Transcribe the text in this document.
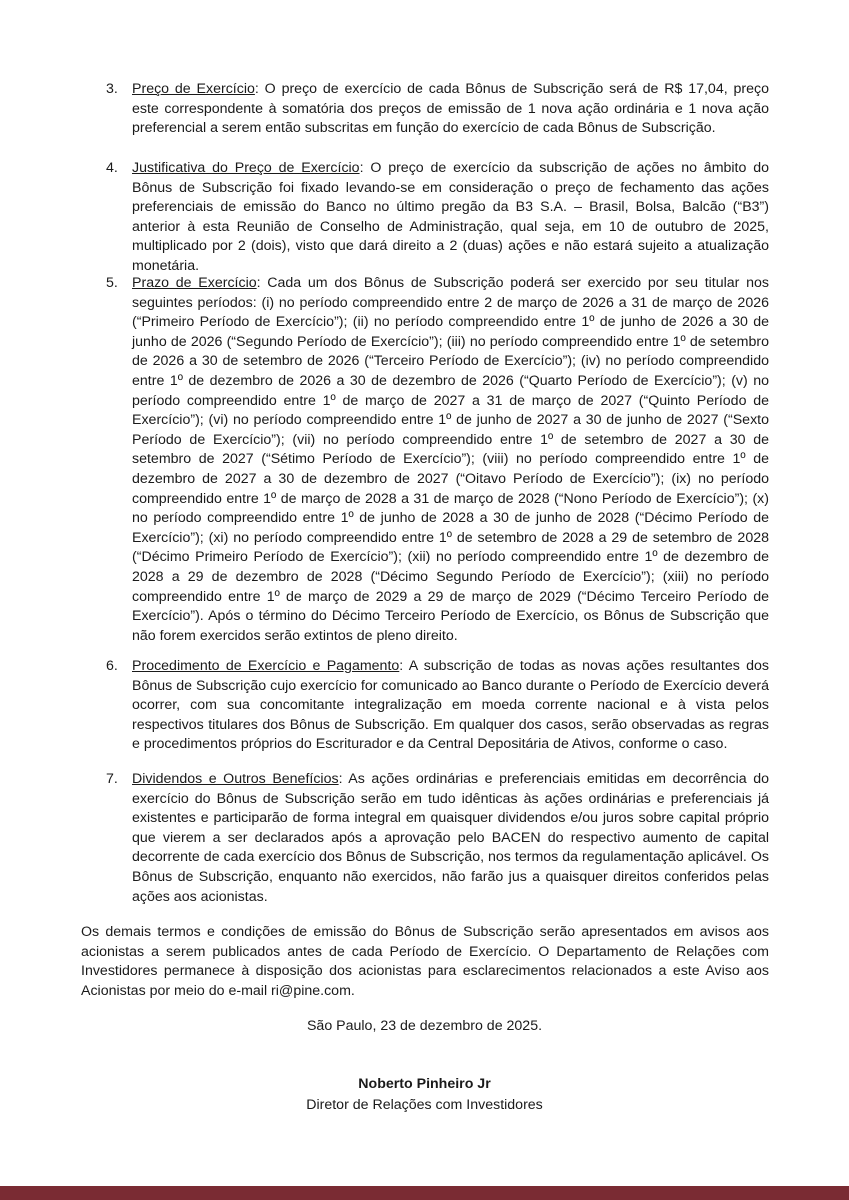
3. Preço de Exercício: O preço de exercício de cada Bônus de Subscrição será de R$ 17,04, preço este correspondente à somatória dos preços de emissão de 1 nova ação ordinária e 1 nova ação preferencial a serem então subscritas em função do exercício de cada Bônus de Subscrição.
4. Justificativa do Preço de Exercício: O preço de exercício da subscrição de ações no âmbito do Bônus de Subscrição foi fixado levando-se em consideração o preço de fechamento das ações preferenciais de emissão do Banco no último pregão da B3 S.A. – Brasil, Bolsa, Balcão (“B3”) anterior à esta Reunião de Conselho de Administração, qual seja, em 10 de outubro de 2025, multiplicado por 2 (dois), visto que dará direito a 2 (duas) ações e não estará sujeito a atualização monetária.
5. Prazo de Exercício: Cada um dos Bônus de Subscrição poderá ser exercido por seu titular nos seguintes períodos: (i) no período compreendido entre 2 de março de 2026 a 31 de março de 2026 (“Primeiro Período de Exercício”); (ii) no período compreendido entre 1º de junho de 2026 a 30 de junho de 2026 (“Segundo Período de Exercício”); (iii) no período compreendido entre 1º de setembro de 2026 a 30 de setembro de 2026 (“Terceiro Período de Exercício”); (iv) no período compreendido entre 1º de dezembro de 2026 a 30 de dezembro de 2026 (“Quarto Período de Exercício”); (v) no período compreendido entre 1º de março de 2027 a 31 de março de 2027 (“Quinto Período de Exercício”); (vi) no período compreendido entre 1º de junho de 2027 a 30 de junho de 2027 (“Sexto Período de Exercício”); (vii) no período compreendido entre 1º de setembro de 2027 a 30 de setembro de 2027 (“Sétimo Período de Exercício”); (viii) no período compreendido entre 1º de dezembro de 2027 a 30 de dezembro de 2027 (“Oitavo Período de Exercício”); (ix) no período compreendido entre 1º de março de 2028 a 31 de março de 2028 (“Nono Período de Exercício”); (x) no período compreendido entre 1º de junho de 2028 a 30 de junho de 2028 (“Décimo Período de Exercício”); (xi) no período compreendido entre 1º de setembro de 2028 a 29 de setembro de 2028 (“Décimo Primeiro Período de Exercício”); (xii) no período compreendido entre 1º de dezembro de 2028 a 29 de dezembro de 2028 (“Décimo Segundo Período de Exercício”); (xiii) no período compreendido entre 1º de março de 2029 a 29 de março de 2029 (“Décimo Terceiro Período de Exercício”). Após o término do Décimo Terceiro Período de Exercício, os Bônus de Subscrição que não forem exercidos serão extintos de pleno direito.
6. Procedimento de Exercício e Pagamento: A subscrição de todas as novas ações resultantes dos Bônus de Subscrição cujo exercício for comunicado ao Banco durante o Período de Exercício deverá ocorrer, com sua concomitante integralização em moeda corrente nacional e à vista pelos respectivos titulares dos Bônus de Subscrição. Em qualquer dos casos, serão observadas as regras e procedimentos próprios do Escriturador e da Central Depositária de Ativos, conforme o caso.
7. Dividendos e Outros Benefícios: As ações ordinárias e preferenciais emitidas em decorrência do exercício do Bônus de Subscrição serão em tudo idênticas às ações ordinárias e preferenciais já existentes e participarão de forma integral em quaisquer dividendos e/ou juros sobre capital próprio que vierem a ser declarados após a aprovação pelo BACEN do respectivo aumento de capital decorrente de cada exercício dos Bônus de Subscrição, nos termos da regulamentação aplicável. Os Bônus de Subscrição, enquanto não exercidos, não farão jus a quaisquer direitos conferidos pelas ações aos acionistas.
Os demais termos e condições de emissão do Bônus de Subscrição serão apresentados em avisos aos acionistas a serem publicados antes de cada Período de Exercício. O Departamento de Relações com Investidores permanece à disposição dos acionistas para esclarecimentos relacionados a este Aviso aos Acionistas por meio do e-mail ri@pine.com.
São Paulo, 23 de dezembro de 2025.
Noberto Pinheiro Jr
Diretor de Relações com Investidores
